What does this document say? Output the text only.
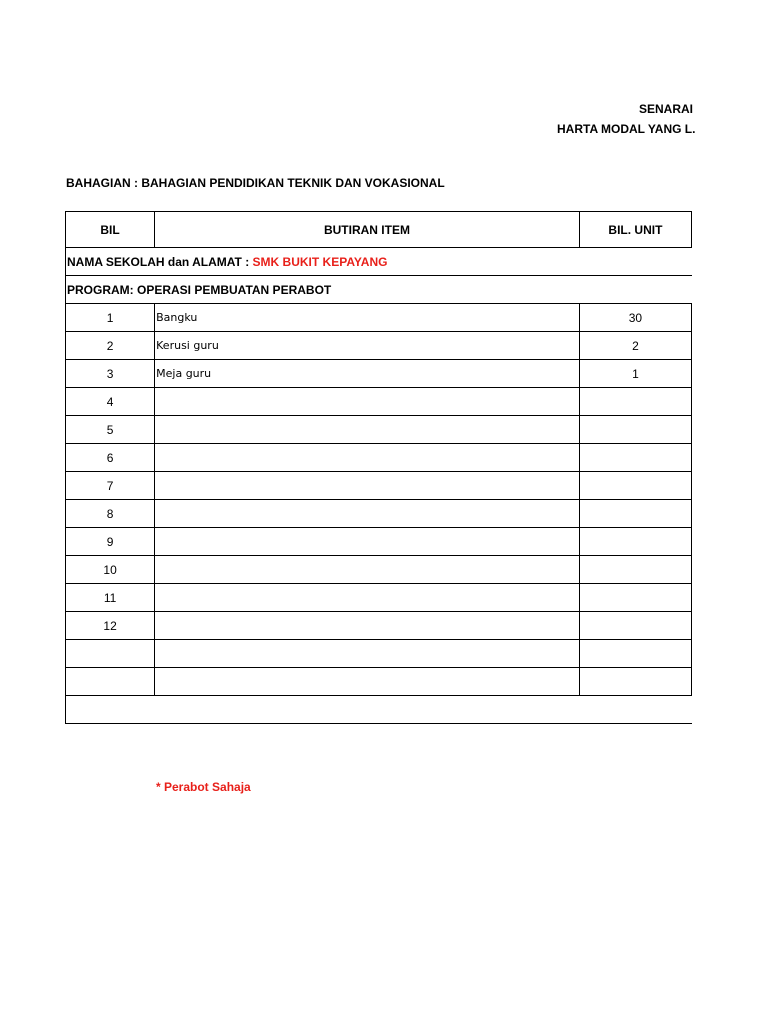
SENARAI
HARTA MODAL YANG L.
BAHAGIAN : BAHAGIAN PENDIDIKAN TEKNIK DAN VOKASIONAL
BIL	BUTIRAN ITEM	BIL. UNIT
NAMA SEKOLAH dan ALAMAT : SMK BUKIT KEPAYANG		
PROGRAM: OPERASI PEMBUATAN PERABOT		
1	Bangku	30
2	Kerusi guru	2
3	Meja guru	1
4		
5		
6		
7		
8		
9		
10		
11		
12		

* Perabot Sahaja
